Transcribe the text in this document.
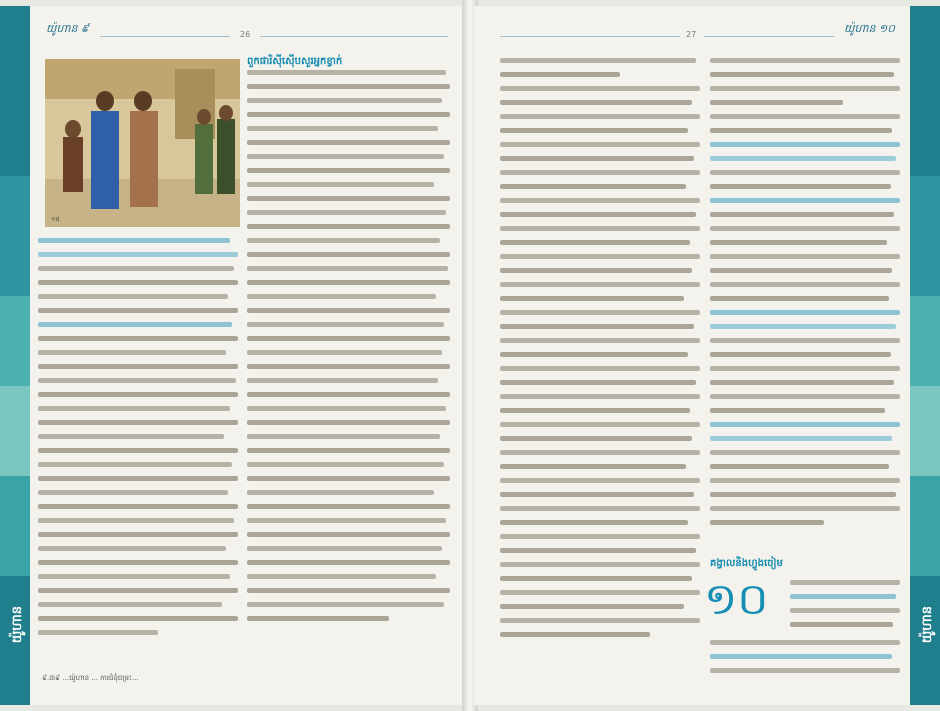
យ៉ូហាន
យ៉ូហាន ៩	26
១៥
ពួកផារិស៊ីស៊ើបសួរអ្នកខ្វាក់
៩.៣៩ ...យ៉ូហាន ... ការជំនុំជម្រះ...
27	យ៉ូហាន ១០
គង្វាលនិងហ្វូងចៀម
១០	យ៉ូហាន
